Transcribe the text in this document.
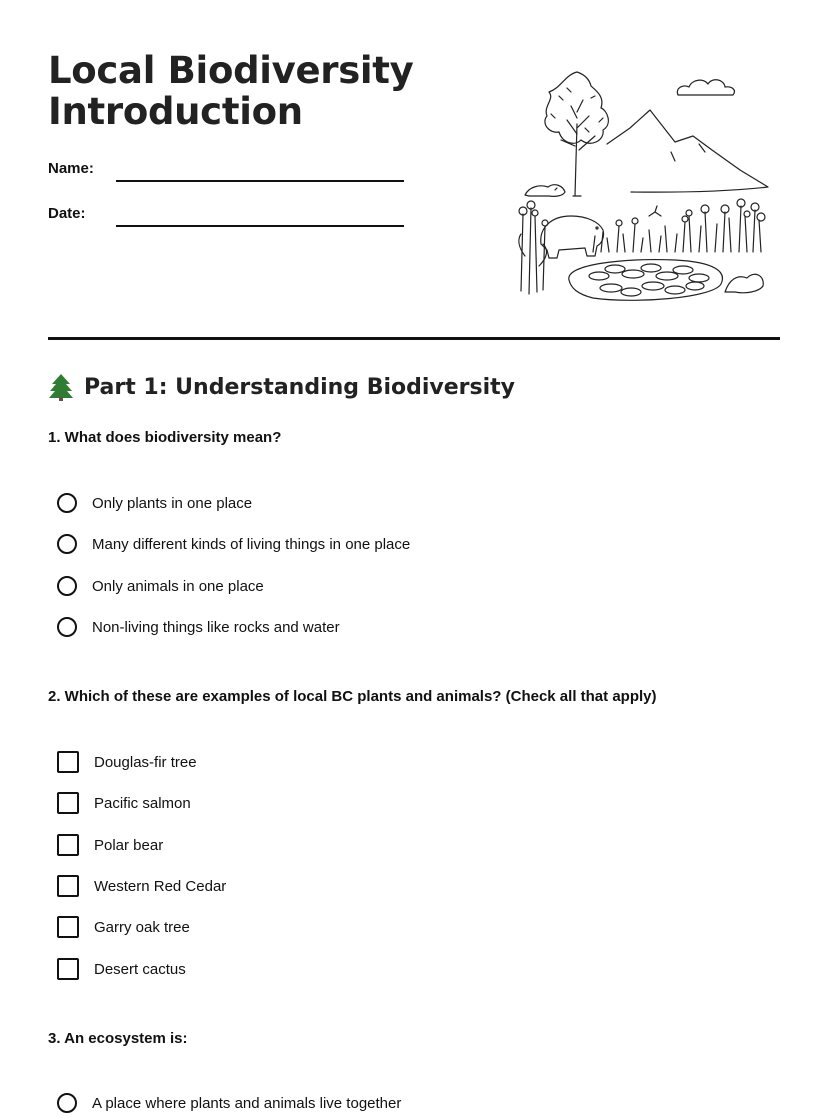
Local Biodiversity
Introduction
Name:
Date:
Part 1: Understanding Biodiversity
1. What does biodiversity mean?
Only plants in one place
Many different kinds of living things in one place
Only animals in one place
Non-living things like rocks and water
2. Which of these are examples of local BC plants and animals? (Check all that apply)
Douglas-fir tree
Pacific salmon
Polar bear
Western Red Cedar
Garry oak tree
Desert cactus
3. An ecosystem is:
A place where plants and animals live together
